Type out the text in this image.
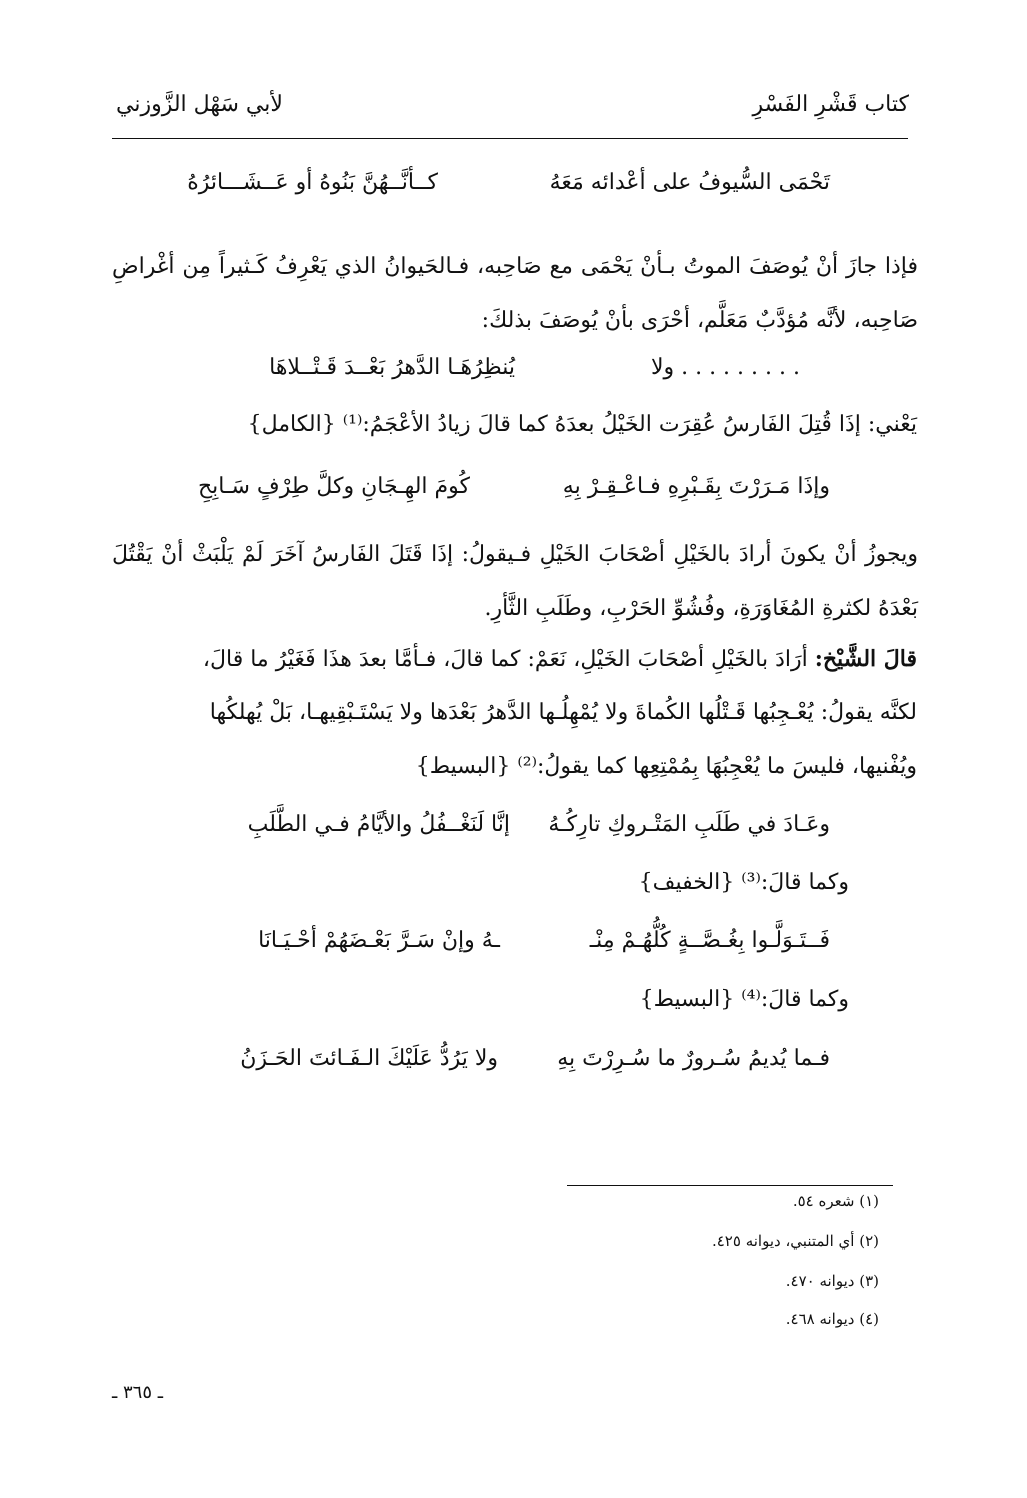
كتاب قَشْرِ الفَسْرِ
لأبي سَهْل الزَّوزني
تَحْمَى السُّيوفُ على أعْدائه مَعَهُ
كــأنَّــهُنَّ بَنُوهُ أو عَــشَـــائرُهُ
فإذا جازَ أنْ يُوصَفَ الموتُ بـأنْ يَحْمَى مع صَاحِبه، فـالحَيوانُ الذي يَعْرِفُ كَـثيراً مِن أغْراضِ صَاحِبه، لأنَّه مُؤدَّبٌ مَعَلَّم، أحْرَى بأنْ يُوصَفَ بذلكَ:
. . . . . . . . . ولا
يُنظِرُهَـا الدَّهرُ بَعْــدَ قَـتْــلاهَا
يَعْني: إذَا قُتِلَ الفَارسُ عُقِرَت الخَيْلُ بعدَهُ كما قالَ زيادُ الأعْجَمُ:⁽¹⁾ {الكامل}
وإذَا مَـرَرْتَ بِقَـبْرِهِ فـاعْـقِـرْ بِهِ
كُومَ الهِـجَانِ وكلَّ طِرْفٍ سَـابِحِ
ويجوزُ أنْ يكونَ أرادَ بالخَيْلِ أصْحَابَ الخَيْلِ فـيقولُ: إذَا قَتَلَ الفَارسُ آخَرَ لَمْ يَلْبَثْ أنْ يَقْتُلَ بَعْدَهُ لكثرةِ المُغَاوَرَةِ، وفُشُوِّ الحَرْبِ، وطَلَبِ الثَّأرِ.
قالَ الشَّيْخ: أرَادَ بالخَيْلِ أصْحَابَ الخَيْلِ، نَعَمْ: كما قالَ، فـأمَّا بعدَ هذَا فَغَيْرُ ما قالَ،
لكنَّه يقولُ: يُعْـجِبُها قَـتْلُها الكُماةَ ولا يُمْهِلُـها الدَّهرُ بَعْدَها ولا يَسْتَـبْقِيهـا، بَلْ يُهلكُها
ويُفْنيها، فليسَ ما يُعْجِبُهَا بِمُمْتِعِها كما يقولُ:⁽²⁾ {البسيط}
وعَـادَ في طَلَبِ المَتْـروكِ تارِكُـهُ
إنَّا لَنَغْــفُلُ والأيَّامُ فـي الطَّلَبِ
وكما قالَ:⁽³⁾ {الخفيف}
فَــتَـوَلَّـوا بِغُـصَّــةٍ كُلُّهُـمْ مِنْـ
ـهُ وإنْ سَـرَّ بَعْـضَهُمْ أحْـيَـانَا
وكما قالَ:⁽⁴⁾ {البسيط}
فـما يُديمُ سُـرورٌ ما سُـرِرْتَ بِهِ
ولا يَرُدُّ عَلَيْكَ الـفَـائتَ الحَـزَنُ
(١) شعره ٥٤.
(٢) أي المتنبي، ديوانه ٤٢٥.
(٣) ديوانه ٤٧٠.
(٤) ديوانه ٤٦٨.
ـ ٣٦٥ ـ
